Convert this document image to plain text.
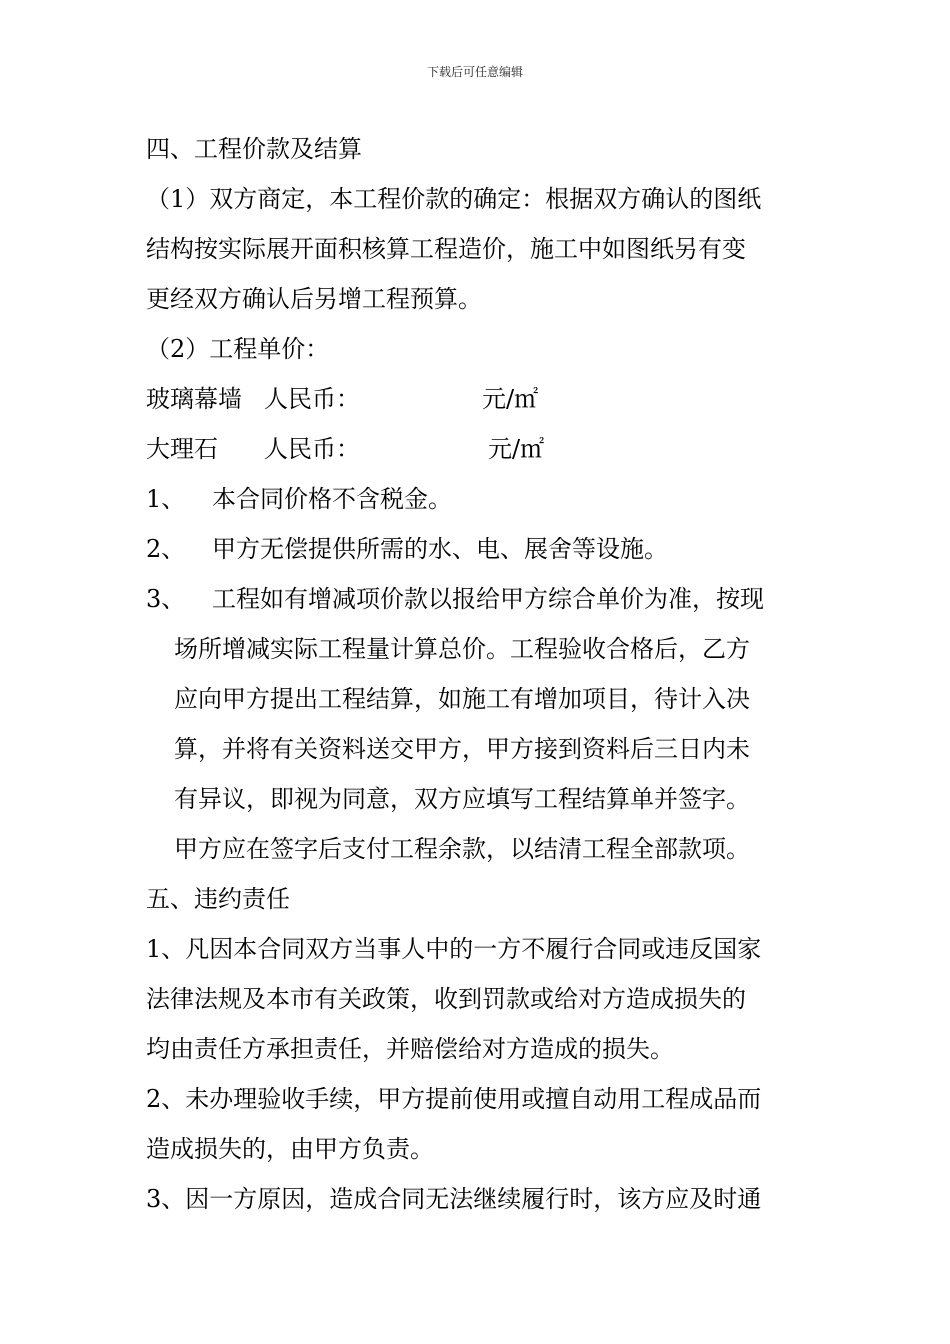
下载后可任意编辑
四、工程价款及结算
（1）双方商定，本工程价款的确定：根据双方确认的图纸
结构按实际展开面积核算工程造价，施工中如图纸另有变
更经双方确认后另增工程预算。
（2）工程单价：
玻璃幕墙 人民币：	元/㎡
大理石 人民币：	元/㎡
1、 本合同价格不含税金。
2、 甲方无偿提供所需的水、电、展舍等设施。
3、 工程如有增减项价款以报给甲方综合单价为准，按现
场所增减实际工程量计算总价。工程验收合格后，乙方
应向甲方提出工程结算，如施工有增加项目，待计入决
算，并将有关资料送交甲方，甲方接到资料后三日内未
有异议，即视为同意，双方应填写工程结算单并签字。
甲方应在签字后支付工程余款，以结清工程全部款项。
五、违约责任
1、凡因本合同双方当事人中的一方不履行合同或违反国家
法律法规及本市有关政策，收到罚款或给对方造成损失的
均由责任方承担责任，并赔偿给对方造成的损失。
2、未办理验收手续，甲方提前使用或擅自动用工程成品而
造成损失的，由甲方负责。
3、因一方原因，造成合同无法继续履行时，该方应及时通
